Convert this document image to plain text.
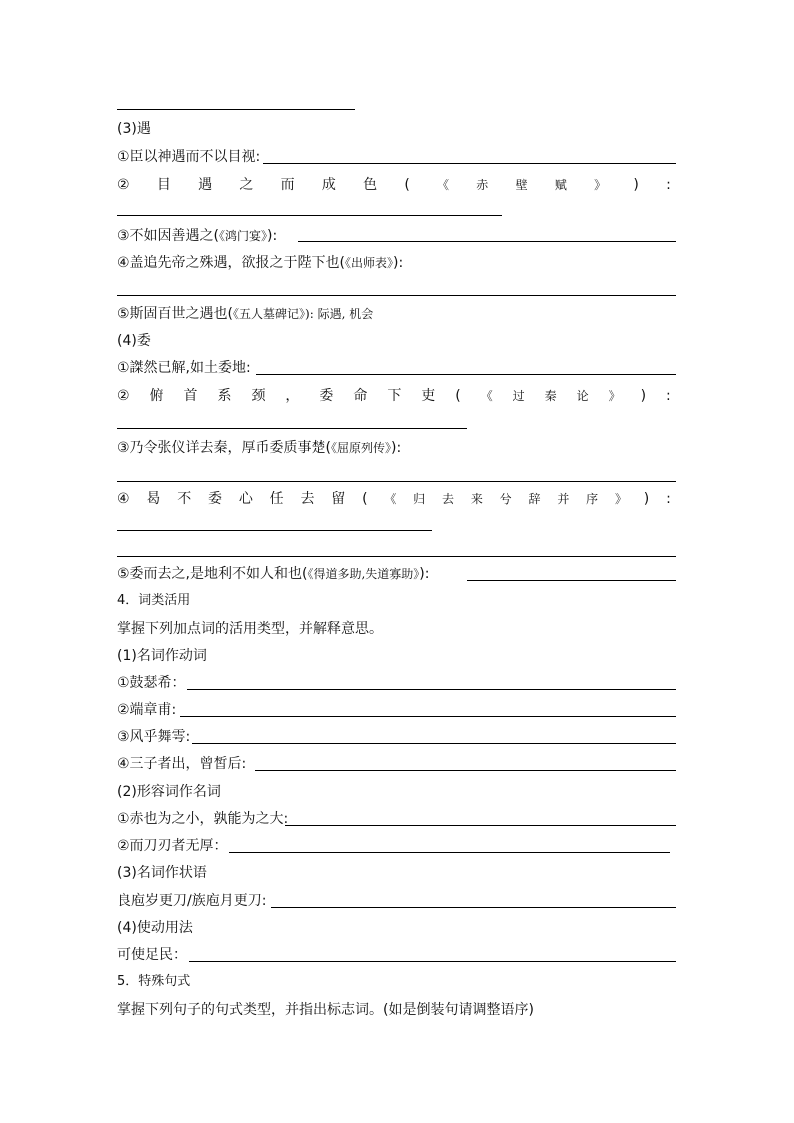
(3)遇
①臣以神遇而不以目视:
② 目 遇 之 而 成 色 ( 《 赤 壁 赋 》 ) :
③不如因善遇之(《鸿门宴》):
④盖追先帝之殊遇，欲报之于陛下也(《出师表》):
⑤斯固百世之遇也(《五人墓碑记》): 际遇, 机会
(4)委
①謋然已解,如土委地:
② 俯 首 系 颈 ， 委 命 下 吏 ( 《 过 秦 论 》 ) :
③乃令张仪详去秦，厚币委质事楚(《屈原列传》):
④ 曷 不 委 心 任 去 留 ( 《 归 去 来 兮 辞 并 序 》 ) :
⑤委而去之,是地利不如人和也(《得道多助,失道寡助》):
4．词类活用
掌握下列加点词的活用类型，并解释意思。
(1)名词作动词
①鼓瑟希：
②端章甫:
③风乎舞雩:
④三子者出，曾皙后:
(2)形容词作名词
①赤也为之小，孰能为之大:
②而刀刃者无厚：
(3)名词作状语
良庖岁更刀/族庖月更刀:
(4)使动用法
可使足民：
5．特殊句式
掌握下列句子的句式类型，并指出标志词。(如是倒装句请调整语序)
